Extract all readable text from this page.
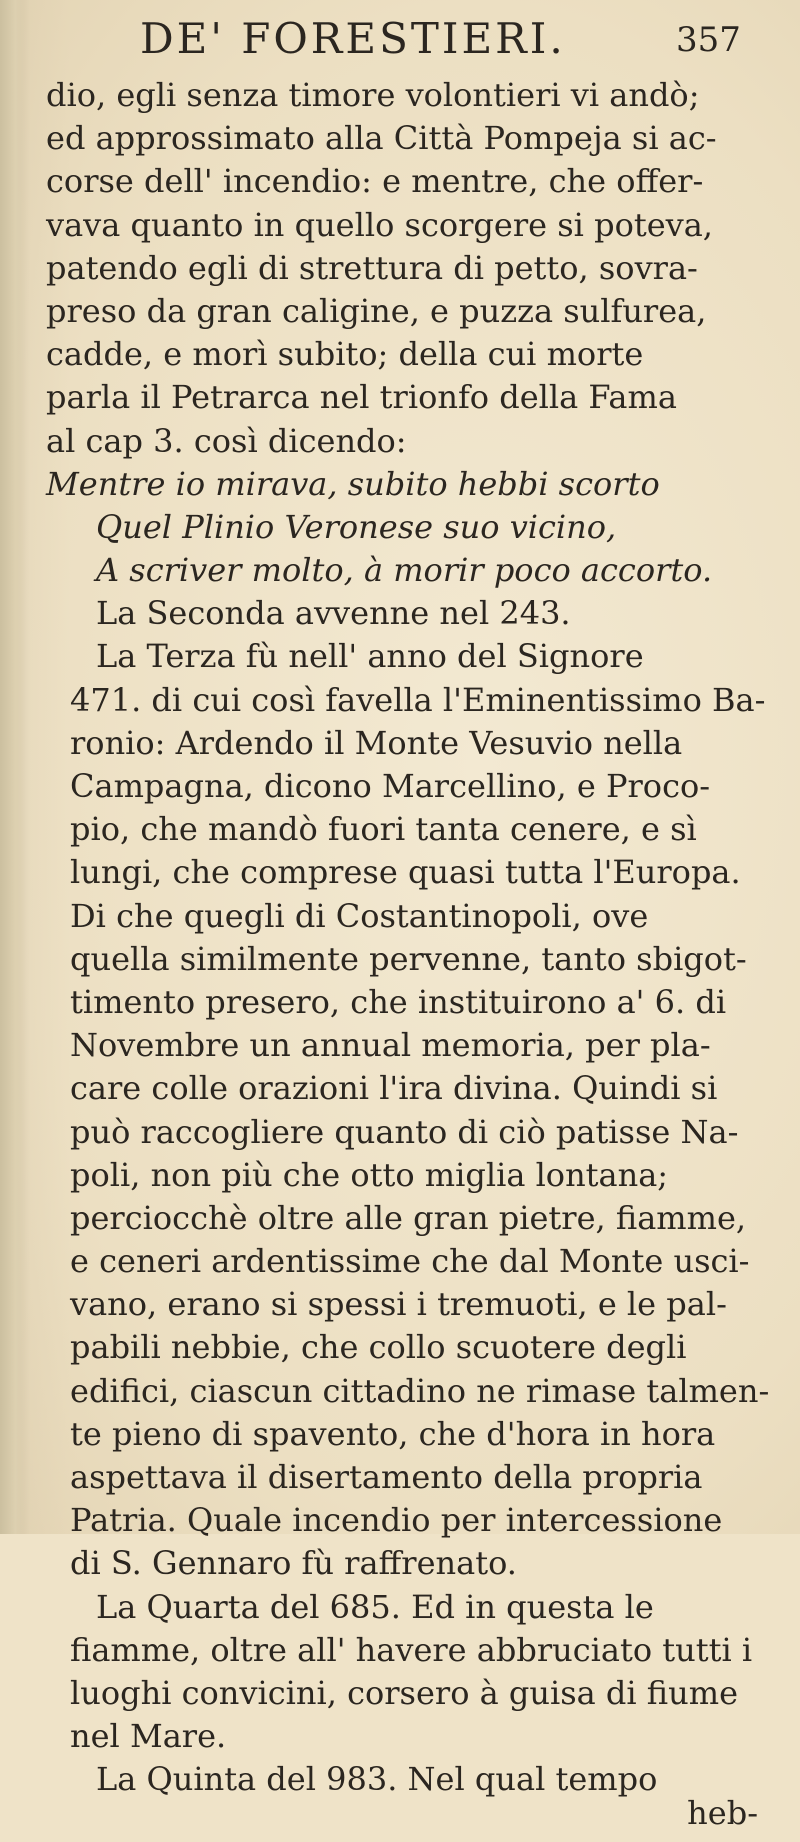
DE' FORESTIERI.	357
dio, egli senza timore volontieri vi andò;
ed approssimato alla Città Pompeja si ac-
corse dell' incendio: e mentre, che offer-
vava quanto in quello scorgere si poteva,
patendo egli di strettura di petto, sovra-
preso da gran caligine, e puzza sulfurea,
cadde, e morì subito; della cui morte
parla il Petrarca nel trionfo della Fama
al cap 3. così dicendo:
Mentre io mirava, subito hebbi scorto
Quel Plinio Veronese suo vicino,
A scriver molto, à morir poco accorto.
La Seconda avvenne nel 243.
La Terza fù nell' anno del Signore
471. di cui così favella l'Eminentissimo Ba-
ronio: Ardendo il Monte Vesuvio nella
Campagna, dicono Marcellino, e Proco-
pio, che mandò fuori tanta cenere, e sì
lungi, che comprese quasi tutta l'Europa.
Di che quegli di Costantinopoli, ove
quella similmente pervenne, tanto sbigot-
timento presero, che instituirono a' 6. di
Novembre un annual memoria, per pla-
care colle orazioni l'ira divina. Quindi si
può raccogliere quanto di ciò patisse Na-
poli, non più che otto miglia lontana;
perciocchè oltre alle gran pietre, fiamme,
e ceneri ardentissime che dal Monte usci-
vano, erano si spessi i tremuoti, e le pal-
pabili nebbie, che collo scuotere degli
edifici, ciascun cittadino ne rimase talmen-
te pieno di spavento, che d'hora in hora
aspettava il disertamento della propria
Patria. Quale incendio per intercessione
di S. Gennaro fù raffrenato.
La Quarta del 685. Ed in questa le
fiamme, oltre all' havere abbruciato tutti i
luoghi convicini, corsero à guisa di fiume
nel Mare.
La Quinta del 983. Nel qual tempo
heb-
